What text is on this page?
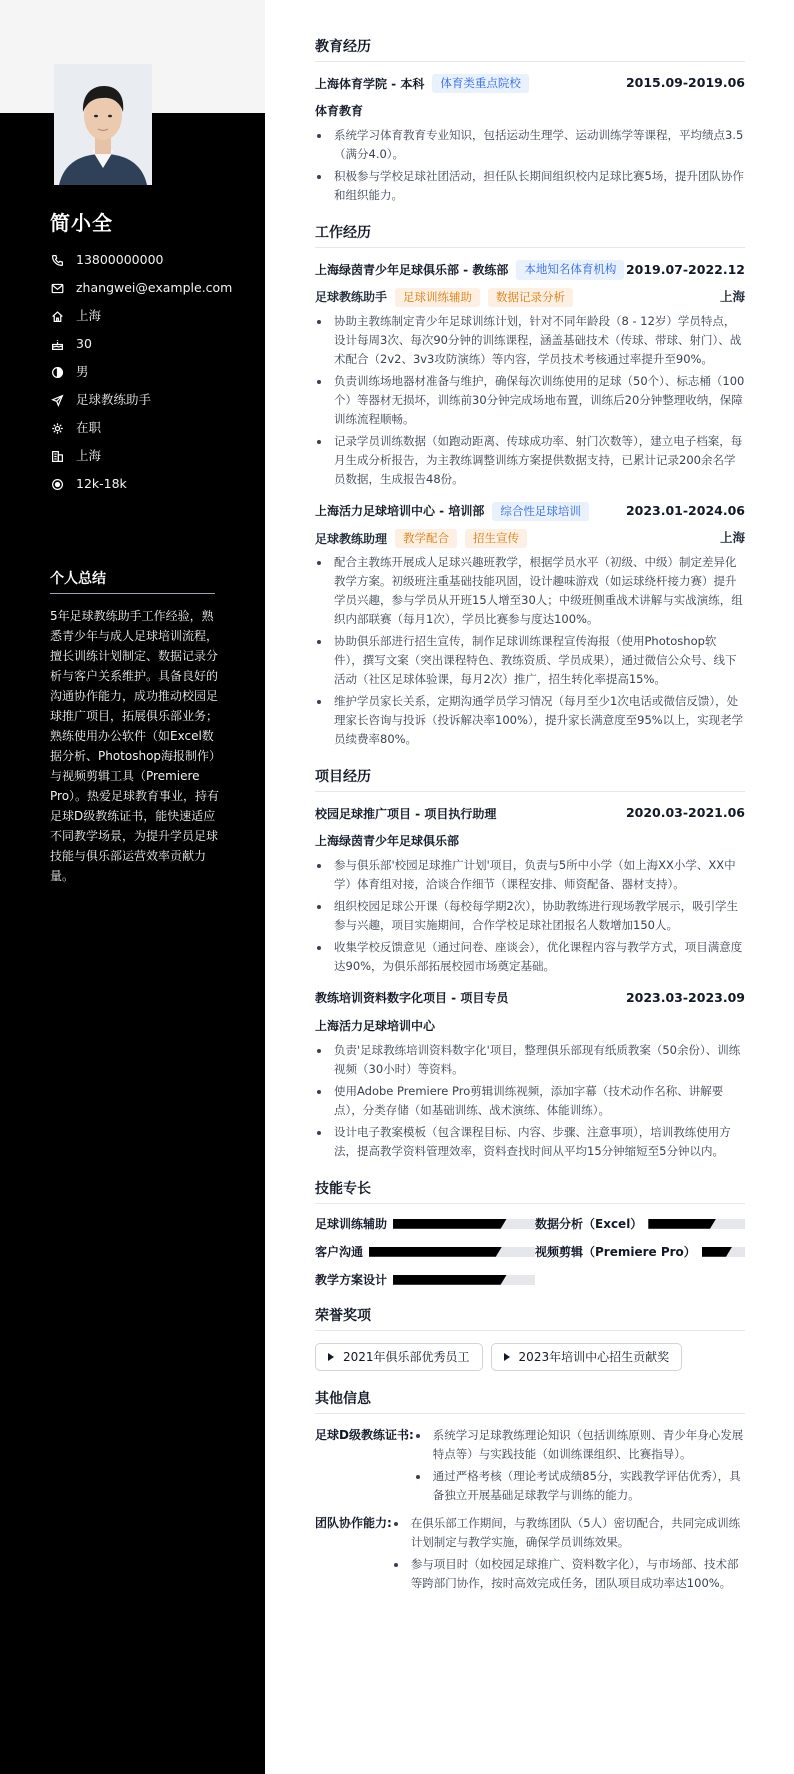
简小全
13800000000
zhangwei@example.com
上海
30
男
足球教练助手
在职
上海
12k-18k
个人总结
5年足球教练助手工作经验，熟悉青少年与成人足球培训流程，擅长训练计划制定、数据记录分析与客户关系维护。具备良好的沟通协作能力，成功推动校园足球推广项目，拓展俱乐部业务；熟练使用办公软件（如Excel数据分析、Photoshop海报制作）与视频剪辑工具（Premiere Pro）。热爱足球教育事业，持有足球D级教练证书，能快速适应不同教学场景，为提升学员足球技能与俱乐部运营效率贡献力量。
教育经历
上海体育学院 - 本科	体育类重点院校	2015.09-2019.06
体育教育
系统学习体育教育专业知识，包括运动生理学、运动训练学等课程，平均绩点3.5（满分4.0）。
积极参与学校足球社团活动，担任队长期间组织校内足球比赛5场，提升团队协作和组织能力。
工作经历
上海绿茵青少年足球俱乐部 - 教练部	本地知名体育机构 2019.07-2022.12
足球教练助手	足球训练辅助	数据记录分析	上海
协助主教练制定青少年足球训练计划，针对不同年龄段（8 - 12岁）学员特点，设计每周3次、每次90分钟的训练课程，涵盖基础技术（传球、带球、射门）、战术配合（2v2、3v3攻防演练）等内容，学员技术考核通过率提升至90%。
负责训练场地器材准备与维护，确保每次训练使用的足球（50个）、标志桶（100个）等器材无损坏，训练前30分钟完成场地布置，训练后20分钟整理收纳，保障训练流程顺畅。
记录学员训练数据（如跑动距离、传球成功率、射门次数等），建立电子档案，每月生成分析报告，为主教练调整训练方案提供数据支持，已累计记录200余名学员数据，生成报告48份。
上海活力足球培训中心 - 培训部	综合性足球培训	2023.01-2024.06
足球教练助理	教学配合	招生宣传	上海
配合主教练开展成人足球兴趣班教学，根据学员水平（初级、中级）制定差异化教学方案。初级班注重基础技能巩固，设计趣味游戏（如运球绕杆接力赛）提升学员兴趣，参与学员从开班15人增至30人；中级班侧重战术讲解与实战演练，组织内部联赛（每月1次），学员比赛参与度达100%。
协助俱乐部进行招生宣传，制作足球训练课程宣传海报（使用Photoshop软件），撰写文案（突出课程特色、教练资质、学员成果），通过微信公众号、线下活动（社区足球体验课，每月2次）推广，招生转化率提高15%。
维护学员家长关系，定期沟通学员学习情况（每月至少1次电话或微信反馈），处理家长咨询与投诉（投诉解决率100%），提升家长满意度至95%以上，实现老学员续费率80%。
项目经历
校园足球推广项目 - 项目执行助理	2020.03-2021.06
上海绿茵青少年足球俱乐部
参与俱乐部'校园足球推广计划'项目，负责与5所中小学（如上海XX小学、XX中学）体育组对接，洽谈合作细节（课程安排、师资配备、器材支持）。
组织校园足球公开课（每校每学期2次），协助教练进行现场教学展示，吸引学生参与兴趣，项目实施期间，合作学校足球社团报名人数增加150人。
收集学校反馈意见（通过问卷、座谈会），优化课程内容与教学方式，项目满意度达90%，为俱乐部拓展校园市场奠定基础。
教练培训资料数字化项目 - 项目专员	2023.03-2023.09
上海活力足球培训中心
负责'足球教练培训资料数字化'项目，整理俱乐部现有纸质教案（50余份）、训练视频（30小时）等资料。
使用Adobe Premiere Pro剪辑训练视频，添加字幕（技术动作名称、讲解要点），分类存储（如基础训练、战术演练、体能训练）。
设计电子教案模板（包含课程目标、内容、步骤、注意事项），培训教练使用方法，提高教学资料管理效率，资料查找时间从平均15分钟缩短至5分钟以内。
技能专长
足球训练辅助	数据分析（Excel）
客户沟通	视频剪辑（Premiere Pro）
教学方案设计
荣誉奖项
2021年俱乐部优秀员工	2023年培训中心招生贡献奖
其他信息
足球D级教练证书:	系统学习足球教练理论知识（包括训练原则、青少年身心发展特点等）与实践技能（如训练课组织、比赛指导）。
通过严格考核（理论考试成绩85分，实践教学评估优秀），具备独立开展基础足球教学与训练的能力。
团队协作能力:	在俱乐部工作期间，与教练团队（5人）密切配合，共同完成训练计划制定与教学实施，确保学员训练效果。
参与项目时（如校园足球推广、资料数字化），与市场部、技术部等跨部门协作，按时高效完成任务，团队项目成功率达100%。
